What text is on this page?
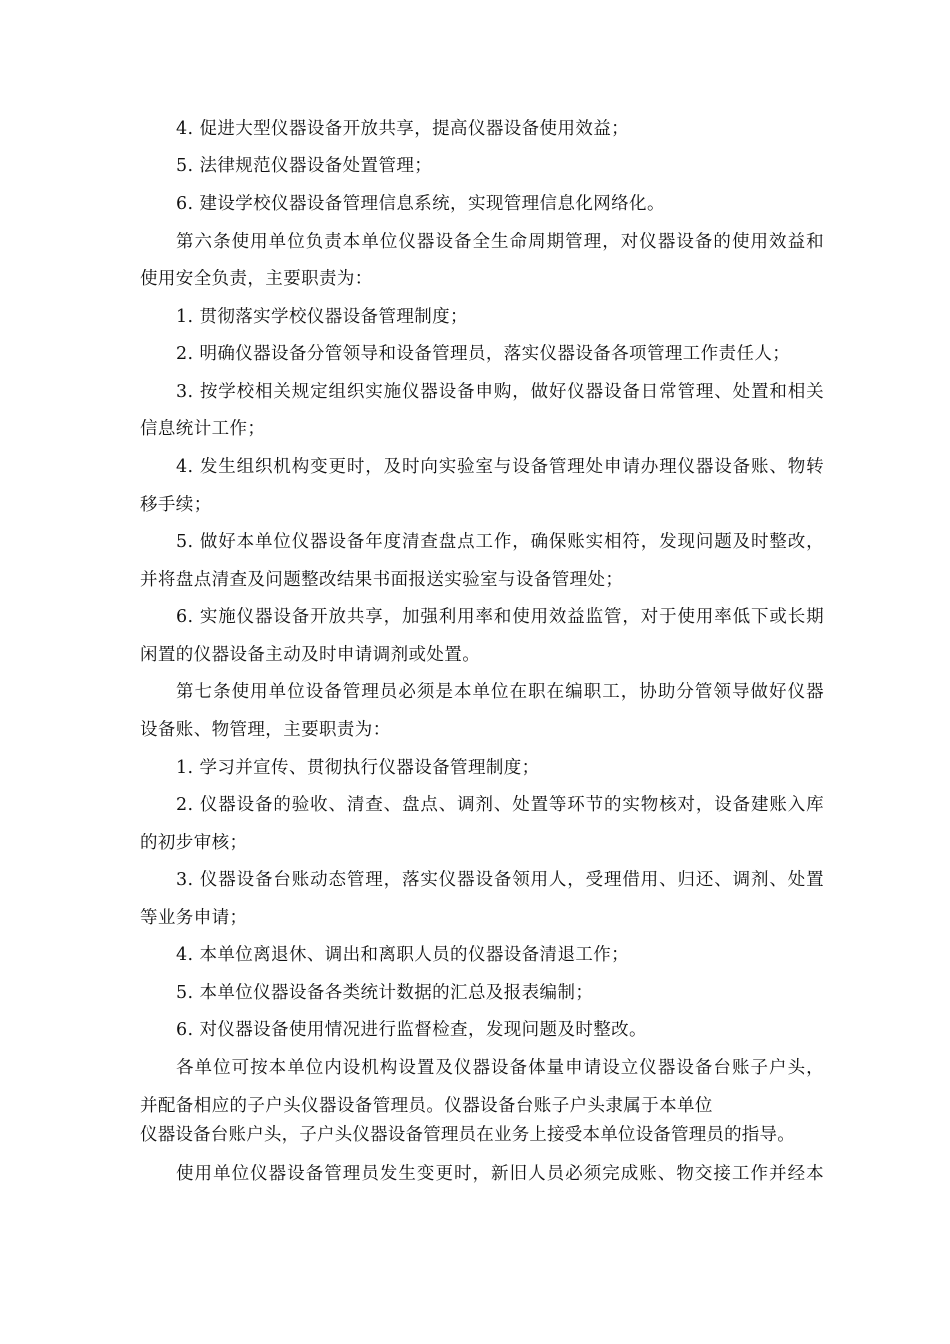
4. 促进大型仪器设备开放共享，提高仪器设备使用效益；
5. 法律规范仪器设备处置管理；
6. 建设学校仪器设备管理信息系统，实现管理信息化网络化。
第六条使用单位负责本单位仪器设备全生命周期管理，对仪器设备的使用效益和
使用安全负责，主要职责为：
1. 贯彻落实学校仪器设备管理制度；
2. 明确仪器设备分管领导和设备管理员，落实仪器设备各项管理工作责任人；
3. 按学校相关规定组织实施仪器设备申购，做好仪器设备日常管理、处置和相关
信息统计工作；
4. 发生组织机构变更时，及时向实验室与设备管理处申请办理仪器设备账、物转
移手续；
5. 做好本单位仪器设备年度清查盘点工作，确保账实相符，发现问题及时整改，
并将盘点清查及问题整改结果书面报送实验室与设备管理处；
6. 实施仪器设备开放共享，加强利用率和使用效益监管，对于使用率低下或长期
闲置的仪器设备主动及时申请调剂或处置。
第七条使用单位设备管理员必须是本单位在职在编职工，协助分管领导做好仪器
设备账、物管理，主要职责为：
1. 学习并宣传、贯彻执行仪器设备管理制度；
2. 仪器设备的验收、清查、盘点、调剂、处置等环节的实物核对，设备建账入库
的初步审核；
3. 仪器设备台账动态管理，落实仪器设备领用人，受理借用、归还、调剂、处置
等业务申请；
4. 本单位离退休、调出和离职人员的仪器设备清退工作；
5. 本单位仪器设备各类统计数据的汇总及报表编制；
6. 对仪器设备使用情况进行监督检查，发现问题及时整改。
各单位可按本单位内设机构设置及仪器设备体量申请设立仪器设备台账子户头，
并配备相应的子户头仪器设备管理员。仪器设备台账子户头隶属于本单位
仪器设备台账户头，子户头仪器设备管理员在业务上接受本单位设备管理员的指导。
使用单位仪器设备管理员发生变更时，新旧人员必须完成账、物交接工作并经本
